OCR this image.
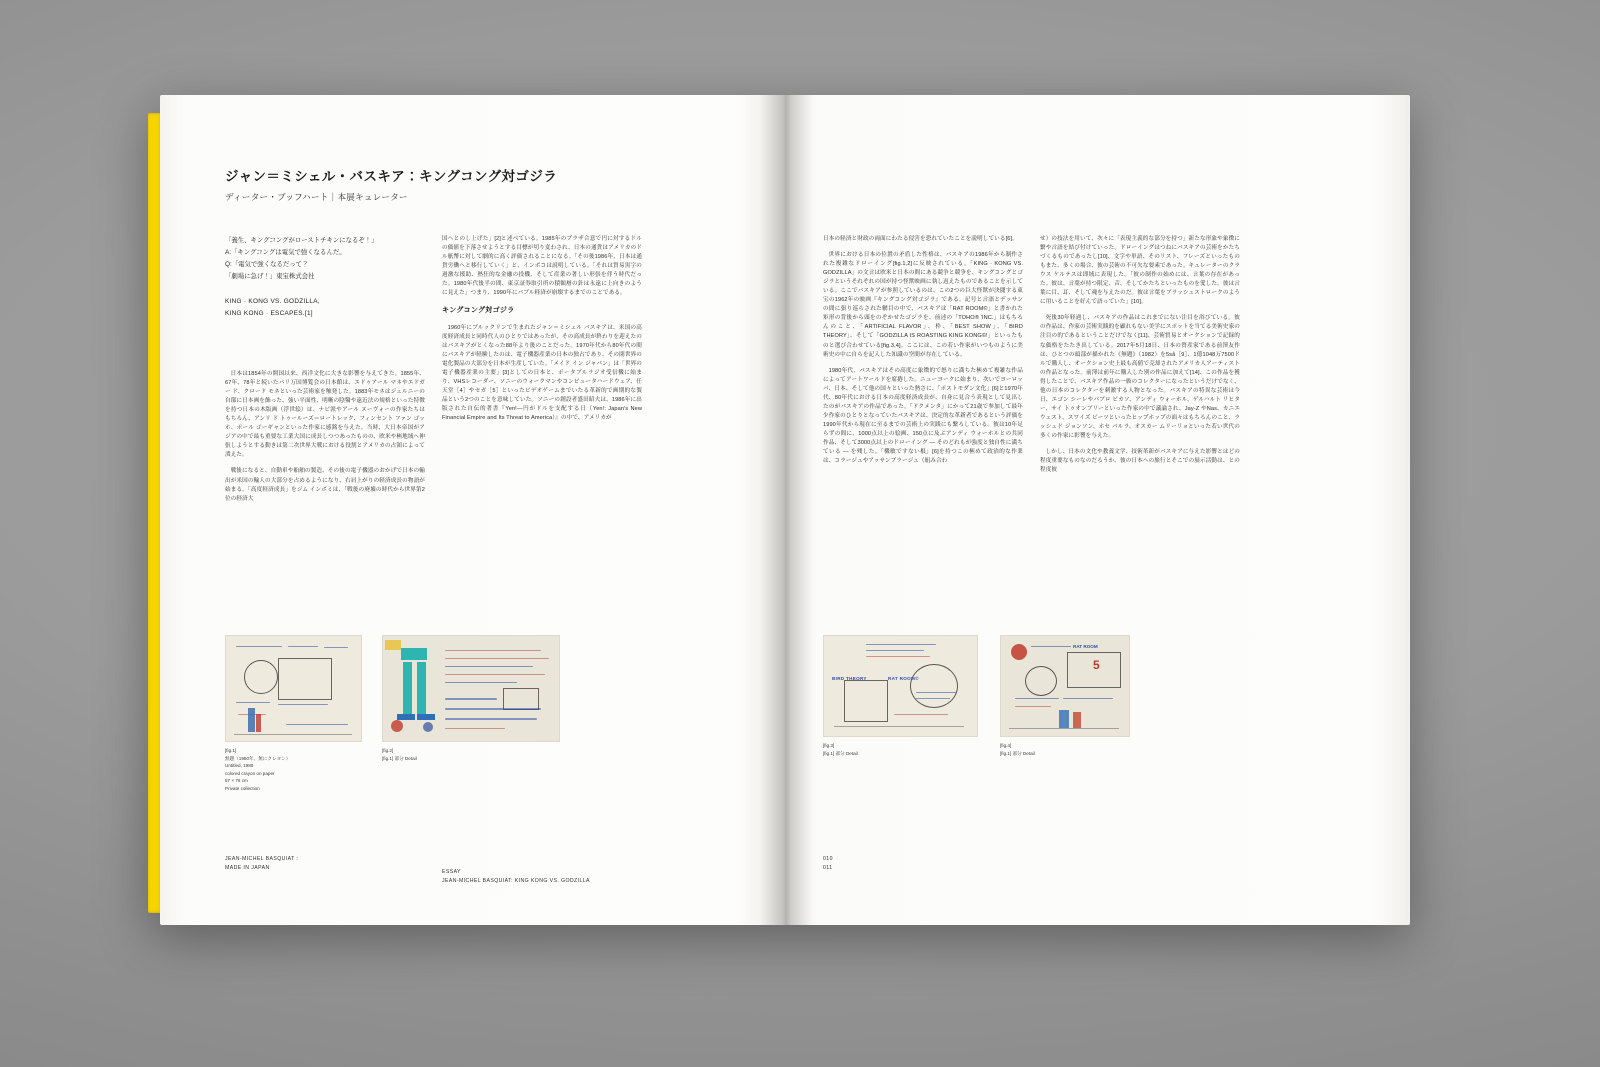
ジャン＝ミシェル・バスキア：キングコング対ゴジラ
ディーター・ブッフハート｜本展キュレーター
「養生、キングコングがローストチキンになるぞ！」
A:「キングコングは電気で強くなるんだ。
Q:「電気で強くなるだって？
「劇場に急げ！」東宝株式会社
KING · KONG VS. GODZILLA,
KING KONG · ESCAPES.[1]

日本は1854年の開国以来、西洋文化に大きな影響を与えてきた。1855年、67年、78年と続いたパリ万国博覧会の日本館は、エドゥアール マネやエドガー ド、クロード モネといった芸術家を触発した。1883年モネはジェルニーの自邸に日本画を飾った、強い平面性、明晰の陰翳や遠近法の規格といった特徴を持つ日本の木版画（浮世絵）は、ナビ派やアール ヌーヴォーの作家たちはもちろん、アンリ ド トゥールーズ＝ロートレック、フィンセント ファン ゴッホ、ポール ゴーギャンといった作家に感銘を与えた。当時、大日本帝国がアジアの中で最も重要な工業大国に成長しつつあったものの、欧米や極地域へ伸張しようとする動きは第二次世界大戦における役割とアメリカの占領によって潰えた。

戦後になると、自動車や船舶の製造、その後の電子機器のおかげで日本の輸出が米国の輸入の大部分を占めるようになり、右肩上がりの経済成長の物語が始まる。「高度経済成長」をジム インボミは、「戦後の廃墟の時代から世界第2位の経済大

国へとのし上げた」[2]と述べている。1985年のプラザ合意で円に対するドルの価値を下落させようとする目標が切り変わされ、日本の通貨はアメリカのドル紙幣に対して劇的に高く評価されることになる。「その後1986年、日本は通貨労働へと移行していく」と、インボコは説明している。「それは貿易黒字の過激な援助、熱狂的な金融の投機、そして産業の著しい形張を伴う時代だった。1980年代後半の間、東京証券取引所の積額層の針は永遠に上向きのように見えた」つまり、1990年にバブル経済が崩壊するまでのことである。

キングコング対ゴジラ

1960年にブルックリンで生まれたジャン＝ミシェル バスキアは、米国の高度経済成長と同時代人のひとりではあったが、その高成長が終わりを迎えたのはバスキアがとくなった88年より後のことだった。1970年代から80年代の間にバスキアが経験したのは、電子機器産業の日本の独占であり、その閉世界の電化製品の大部分を日本が生産していた。「メイド イン ジャパン」は「世界の電子機器産業の主要」[3]としての日本と、ポータブルラジオ受信機に始まり、VHSレコーダー、ソニーのウォークマンやコンピュータハードウェア、任天堂［4］やセガ［5］といったビデオゲームまでいたる革新的で画期的な製品という2つのことを意味していた。ソニーの創設者盛田昭夫は、1986年に出版された自伝的著書『Yen!―円がドルを支配する日（Yen!: Japan's New Financial Empire and Its Threat to America）』の中で、アメリカが

[fig.1]
無題（1980年、無にクレヨン）
Untitled, 1980
colored crayon on paper
57 × 76 cm
Private collection
[fig.2]
[fig.1] 部分 Detail
JEAN-MICHEL BASQUIAT :
MADE IN JAPAN
ESSAY
JEAN-MICHEL BASQUIAT: KING KONG VS. GODZILLA

日本の経済と財政の両面にわたる侵害を恐れていたことを説明している[6]。

世界における日本の位置の矛盾した性格は、バスキアの1986年から制作された複雑なドローイング[fig.1,2]に反映されている。「KING · KONG VS. GODZILLA」の文言は欧米と日本の間にある競争と競争を、キングコングとゴジラというそれぞれの国が持つ怪獣映画に執し返えたものであることを示している。ここでバスキアが参照しているのは、この2つの巨大怪獣が決闘する東宝の1962年の映画『キングコング対ゴジラ』である。記号と言語とデッサンの間に張り巡らされた網目の中で、バスキアは「RAT ROOM©」と書かれた矩形の背後から頭をのぞかせたゴジラを、前述の「TOHO® 'INC.」はもちろんのこと、「ARTIFICIAL FLAVOR」、枠、「BEST SHOW」、「BIRD THEORY」、そして「GODZILLA IS ROASTING KING KONG©!」といったものと選び合わせている[fig.3,4]。ここには、この若い作家がいつものように美術史の中に自らを記入した知識の空間が存在している。

1980年代、バスキアはその高度に象徴的で怒りに満ちた極めて複雑な作品によってアートワールドを席捲した。ニューヨークに始まり、次いでヨーロッパ、日本、そして他の国々といった熱さに、「ポストモダン文化」[6]と1970年代、80年代における日本の高度経済成長が、自身に見合う表現として見出したのがバスキアの作品であった。「ドクメンタ」にかって21歳で参加して最年少作家のひとりとなっていたバスキアは、決定的な革新者であるという評価を1990年代から現在に至るまでの芸術上の実践にも繋ろしている。彼は10年足らずの間に、1000点以上の絵画、150点に及ぶアンディ ウォーホルとの共同作品、そして3000点以上のドローイング ― そのどれもが強度と独自性に満ちている ― を残した。「機敏ですない根」[6]を持つこの極めて政治的な作業は、コラージュやアッサンブラージュ（組み合わ

せ）の技法を用いて、次々に「表現主義的な部分を持つ」新たな形象や象徴に繋や言語を結び付けていった。ドローイングはつねにバスキアの芸術をかたちづくるものであったし[10]、文字や単語、そのリスト、フレーズといったものもまた、多くの場合、彼の芸術の不可欠な要素であった。キュレーターのクラウス ケルテスは即域に表現した。「彼の制作の始めには、言葉の存在があった。彼は、言葉が持つ限定、音、そしてかたちといったものを愛した。彼は言葉に目、耳、そして魂を与えたのだ。彼は言葉をブラッシュストロークのように用いることを好んで語っていた」[10]。

死後30年経過し、バスキアの作品はこれまでにない注目を浴びている。彼の作品は、作家の芸術実践的を顧れもない美学にスポットを当てる美術史家の注目の的であるということだけでなく[11]、芸術貿易とオークションで記録的な価格をたたき出している。2017年5月18日、日本の資産家である前澤友作は、ひとつの頭部が描かれた《無題》（1982）を5så［9］、1億1048万7500ドルで購入し、オークション史上最も高値で売却されたアメリカ人アーティストの作品となった。前澤は前年に購入した別の作品に加えて[14]、この作品を獲得したことで、バスキア作品の一級のコレクターになったというだけでなく、他の日本のコレクターを刺激する人物となった。バスキアの特異な芸術は今日、エゴン シーレやパブロ ピカソ、アンディ ウォーホル、ゲルハルト リヒター、サイ トゥオンブリーといった作家の中で議論され、Jay-Z やNas、カニエ ウェスト、スワイズ ビーツといったヒップホップの面々はもちろんのこと、ラッシェド ジョンソン、ホセ パルラ、オスカー ムリーリョといった若い世代の多くの作家に影響を与えた。

しかし、日本の文化や教養文学、技術革新がバスキアに与えた影響とはどの程度重要なものなのだろうか、彼の日本への旅行とそこでの展示活動は、との程度彼

BIRD THEORY	RAT ROOM©
[fig.3]
[fig.1] 部分 Detail
RAT ROOM
5
[fig.4]
[fig.1] 部分 Detail
010
011
